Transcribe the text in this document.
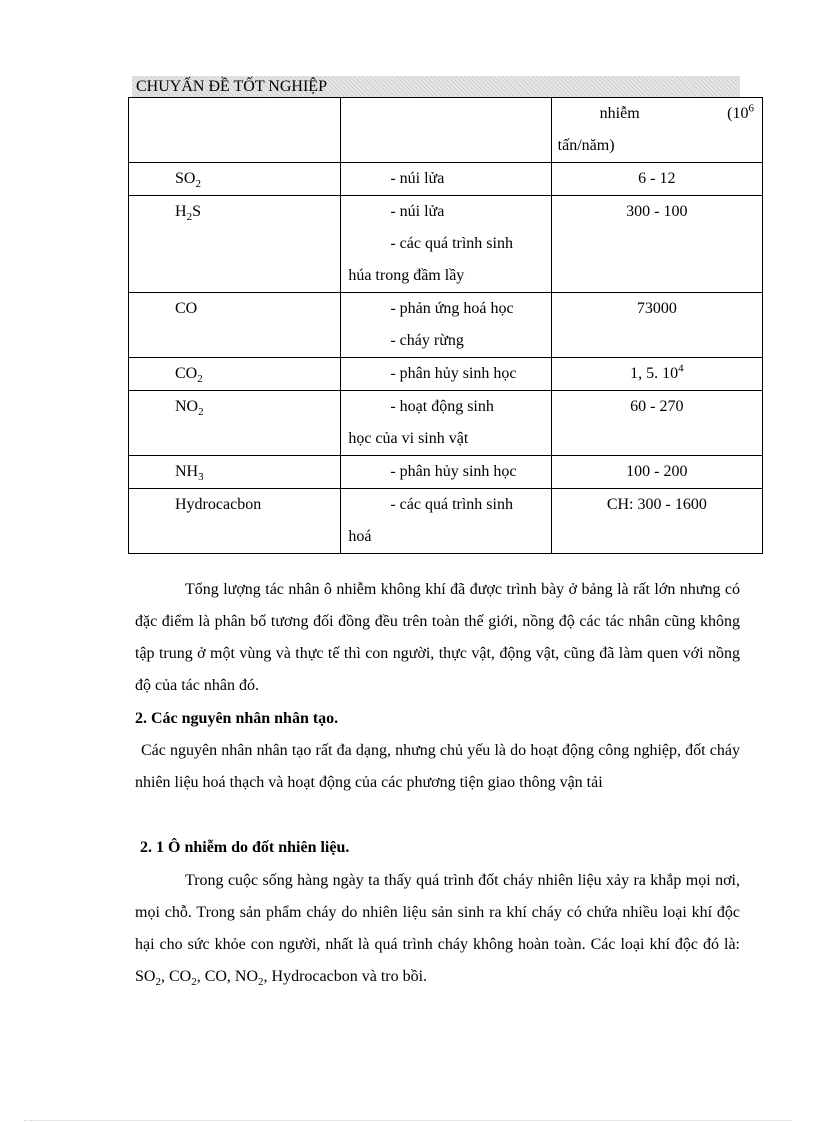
CHUYẤN ĐỀ TỐT NGHIỆP

		nhiễm ($10^6$
tấn/năm)

$SO_2$	- núi lửa	6 - 12
$H_2S$	- núi lửa
- các quá trình sinh
húa trong đầm lầy	300 - 100
CO	- phản ứng hoá học
- cháy rừng	73000
$CO_2$	- phân hủy sinh học	1, 5. $10^4$
$NO_2$	- hoạt động sinh
học của vi sinh vật	60 - 270
$NH_3$	- phân hủy sinh học	100 - 200
Hydrocacbon	- các quá trình sinh
hoá	CH: 300 - 1600
Tổng lượng tác nhân ô nhiễm không khí đã được trình bày ở bảng là rất lớn nhưng có đặc điểm là phân bố tương đối đồng đều trên toàn thế giới, nồng độ các tác nhân cũng không tập trung ở một vùng và thực tế thì con người, thực vật, động vật, cũng đã làm quen với nồng độ của tác nhân đó.
2. Các nguyên nhân nhân tạo.
Các nguyên nhân nhân tạo rất đa dạng, nhưng chủ yếu là do hoạt động công nghiệp, đốt cháy nhiên liệu hoá thạch và hoạt động của các phương tiện giao thông vận tải
2. 1 Ô nhiễm do đốt nhiên liệu.
Trong cuộc sống hàng ngày ta thấy quá trình đốt cháy nhiên liệu xảy ra khắp mọi nơi, mọi chỗ. Trong sản phẩm cháy do nhiên liệu sản sinh ra khí cháy có chứa nhiều loại khí độc hại cho sức khỏe con người, nhất là quá trình cháy không hoàn toàn. Các loại khí độc đó là: $SO_2$, $CO_2$, CO, $NO_2$, Hydrocacbon và tro bồi.
